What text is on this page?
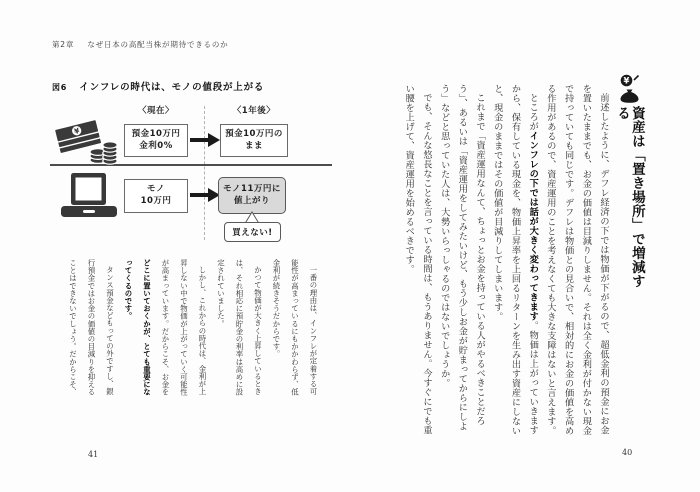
第2章 なぜ日本の高配当株が期待できるのか
図6 インフレの時代は、モノの値段が上がる
¥
〈現在〉	〈1年後〉
預金10万円
金利0%
預金10万円の
まま
モノ
10万円
モノ11万円に
値上がり
買えない!

一番の理由は、インフレが定着する可能性が高まっているにもかかわらず、低金利が続きそうだからです。

かつて物価が大きく上昇しているときは、それ相応に預貯金の利率は高めに設定されていました。

しかし、これからの時代は、金利が上昇しない中で物価が上がっていく可能性が高まっています。だからこそ、お金をどこに置いておくかが、とても重要になってくるのです。

タンス預金などもっての外ですし、銀行預金ではお金の価値の目減りを抑えることはできないでしょう。だからこそ、

41
¥
資産は「置き場所」で増減する

前述したように、デフレ経済の下では物価が下がるので、超低金利の預金にお金を置いたままでも、お金の価値は目減りしません。それは全く金利が付かない現金で持っていても同じです。デフレは物価との見合いで、相対的にお金の価値を高める作用があるので、資産運用のことを考えなくても大きな支障はないと言えます。

ところがインフレの下では話が大きく変わってきます。物価は上がっていきますから、保有している現金を、物価上昇率を上回るリターンを生み出す資産にしないと、現金のままではその価値が目減りしてしまいます。

これまで「資産運用なんて、ちょっとお金を持っている人がやるべきことだろう」、あるいは「資産運用をしてみたいけど、もう少しお金が貯まってからにしよう」などと思っていた人は、大勢いらっしゃるのではないでしょうか。

でも、そんな悠長なことを言っている時間は、もうありません。今すぐにでも重い腰を上げて、資産運用を始めるべきです。

40
